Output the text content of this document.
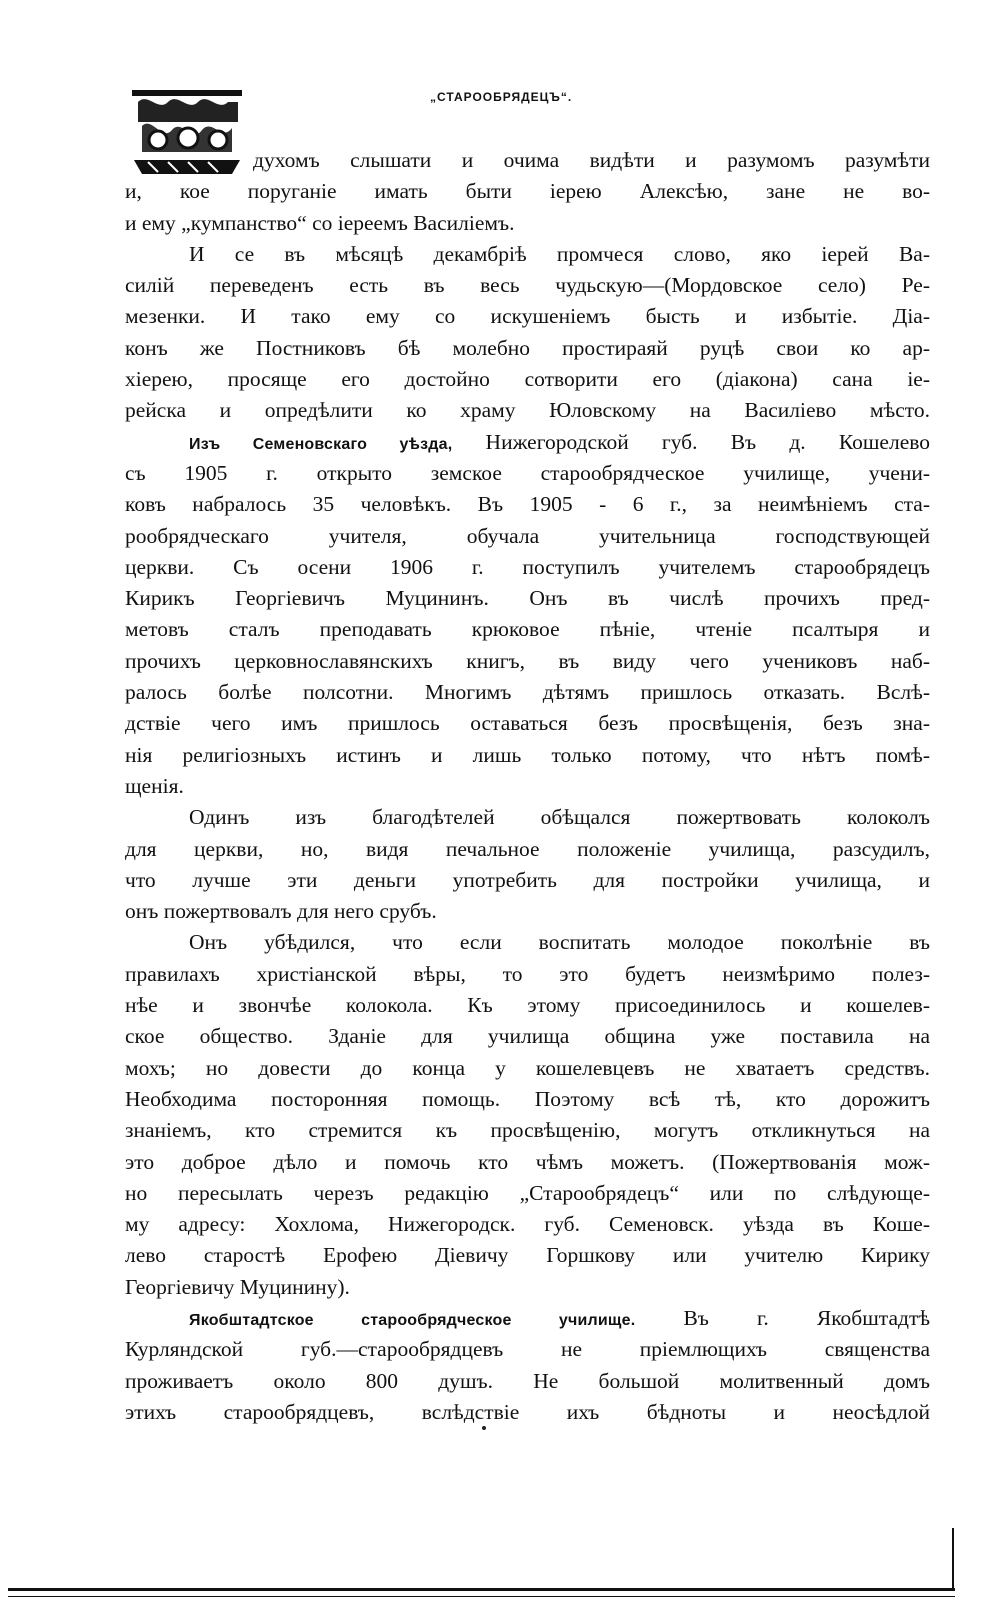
„СТАРООБРЯДЕЦЪ“.
духомъ слышати и очима видѣти и разумомъ разумѣти
и, кое поруганіе имать быти іерею Алексѣю, зане не во-
и ему „кумпанство“ со іереемъ Василіемъ.
И се въ мѣсяцѣ декамбріѣ промчеся слово, яко іерей Ва-
силій переведенъ есть въ весь чудьскую—(Мордовское село) Ре-
мезенки. И тако ему со искушеніемъ бысть и избытіе. Діа-
конъ же Постниковъ бѣ молебно простираяй руцѣ свои ко ар-
хіерею, просяще его достойно сотворити его (діакона) сана іе-
рейска и опредѣлити ко храму Юловскому на Василіево мѣсто.
Изъ Семеновскаго уѣзда, Нижегородской губ. Въ д. Кошелево
съ 1905 г. открыто земское старообрядческое училище, учени-
ковъ набралось 35 человѣкъ. Въ 1905 - 6 г., за неимѣніемъ ста-
рообрядческаго учителя, обучала учительница господствующей
церкви. Съ осени 1906 г. поступилъ учителемъ старообрядецъ
Кирикъ Георгіевичъ Муцининъ. Онъ въ числѣ прочихъ пред-
метовъ сталъ преподавать крюковое пѣніе, чтеніе псалтыря и
прочихъ церковнославянскихъ книгъ, въ виду чего учениковъ наб-
ралось болѣе полсотни. Многимъ дѣтямъ пришлось отказать. Вслѣ-
дствіе чего имъ пришлось оставаться безъ просвѣщенія, безъ зна-
нія религіозныхъ истинъ и лишь только потому, что нѣтъ помѣ-
щенія.
Одинъ изъ благодѣтелей обѣщался пожертвовать колоколъ
для церкви, но, видя печальное положеніе училища, разсудилъ,
что лучше эти деньги употребить для постройки училища, и
онъ пожертвовалъ для него срубъ.
Онъ убѣдился, что если воспитать молодое поколѣніе въ
правилахъ христіанской вѣры, то это будетъ неизмѣримо полез-
нѣе и звончѣе колокола. Къ этому присоединилось и кошелев-
ское общество. Зданіе для училища община уже поставила на
мохъ; но довести до конца у кошелевцевъ не хватаетъ средствъ.
Необходима посторонняя помощь. Поэтому всѣ тѣ, кто дорожитъ
знаніемъ, кто стремится къ просвѣщенію, могутъ откликнуться на
это доброе дѣло и помочь кто чѣмъ можетъ. (Пожертвованія мож-
но пересылать черезъ редакцію „Старообрядецъ“ или по слѣдующе-
му адресу: Хохлома, Нижегородск. губ. Семеновск. уѣзда въ Коше-
лево старостѣ Ерофею Діевичу Горшкову или учителю Кирику
Георгіевичу Муцинину).
Якобштадтское старообрядческое училище. Въ г. Якобштадтѣ
Курляндской губ.—старообрядцевъ не пріемлющихъ священства
проживаетъ около 800 душъ. Не большой молитвенный домъ
этихъ старообрядцевъ, вслѣдствіе ихъ бѣдноты и неосѣдлой
